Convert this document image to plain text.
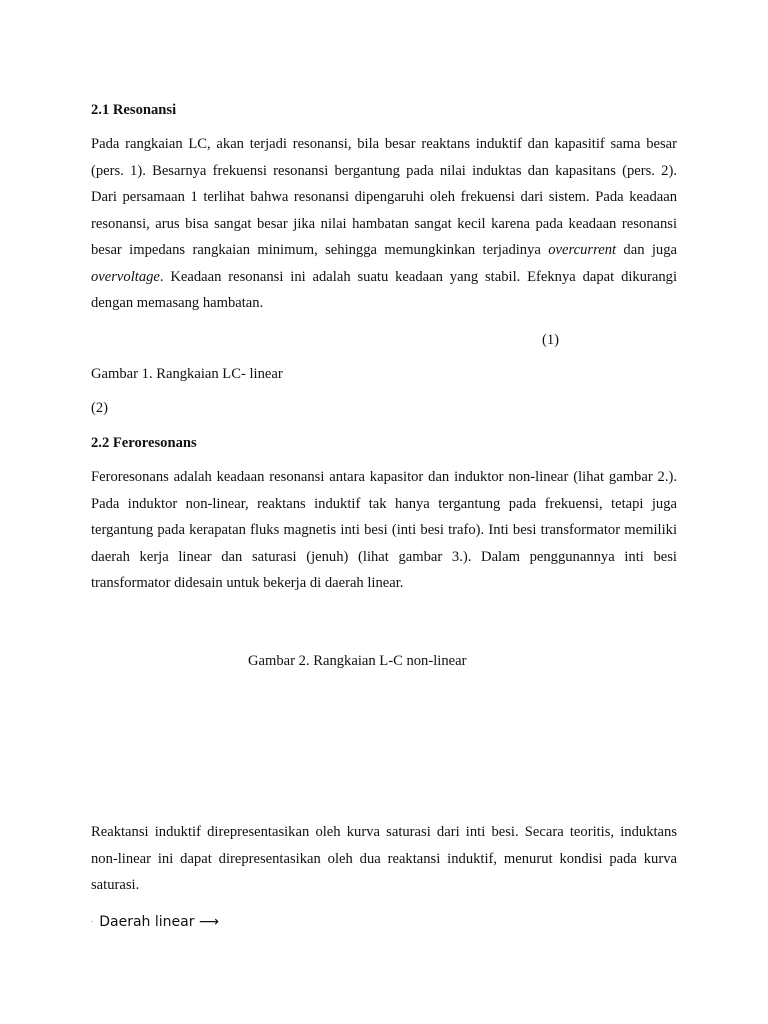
2.1 Resonansi
Pada rangkaian LC, akan terjadi resonansi, bila besar reaktans induktif dan kapasitif sama besar
(pers. 1). Besarnya frekuensi resonansi bergantung pada nilai induktas dan kapasitans (pers. 2).
Dari persamaan 1 terlihat bahwa resonansi dipengaruhi oleh frekuensi dari sistem. Pada keadaan
resonansi, arus bisa sangat besar jika nilai hambatan sangat kecil karena pada keadaan resonansi
besar impedans rangkaian minimum, sehingga memungkinkan terjadinya overcurrent dan juga
overvoltage. Keadaan resonansi ini adalah suatu keadaan yang stabil. Efeknya dapat dikurangi
dengan memasang hambatan.

(1)

Gambar 1. Rangkaian LC- linear

(2)

2.2 Feroresonans
Feroresonans adalah keadaan resonansi antara kapasitor dan induktor non-linear (lihat gambar 2.).
Pada induktor non-linear, reaktans induktif tak hanya tergantung pada frekuensi, tetapi juga
tergantung pada kerapatan fluks magnetis inti besi (inti besi trafo). Inti besi transformator memiliki
daerah kerja linear dan saturasi (jenuh) (lihat gambar 3.). Dalam penggunannya inti besi
transformator didesain untuk bekerja di daerah linear.

Gambar 2. Rangkaian L-C non-linear

Reaktansi induktif direpresentasikan oleh kurva saturasi dari inti besi. Secara teoritis, induktans
non-linear ini dapat direpresentasikan oleh dua reaktansi induktif, menurut kondisi pada kurva
saturasi.

· Daerah linear ⟶
